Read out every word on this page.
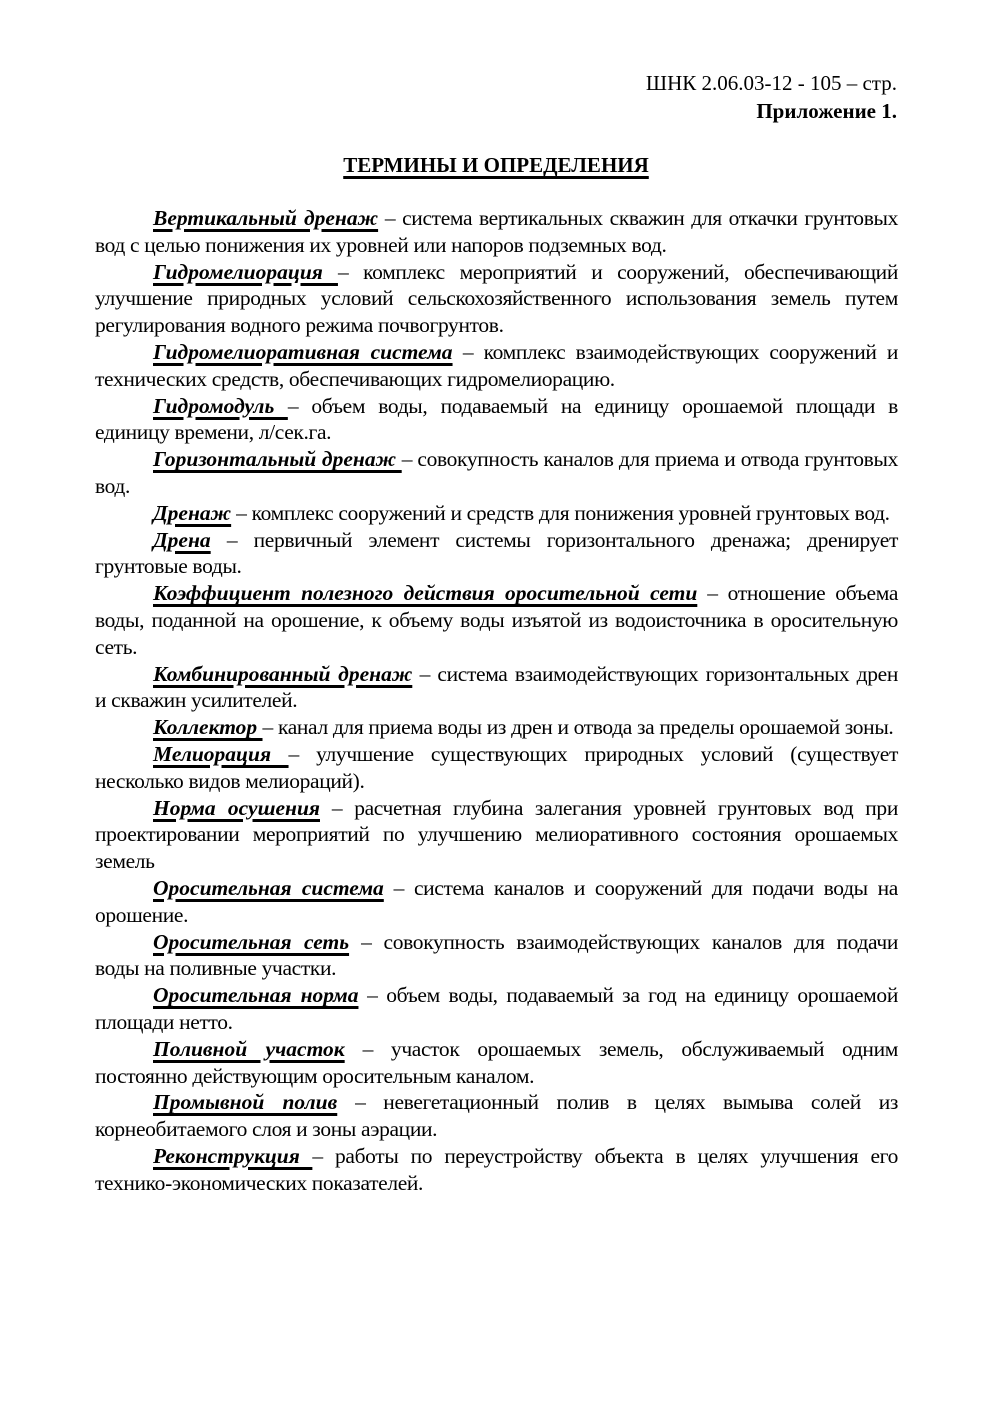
ШНК 2.06.03-12 - 105 – стр.
Приложение 1.
ТЕРМИНЫ И ОПРЕДЕЛЕНИЯ

Вертикальный дренаж – система вертикальных скважин для откачки грунтовых вод с целью понижения их уровней или напоров подземных вод.

Гидромелиорация – комплекс мероприятий и сооружений, обеспечивающий улучшение природных условий сельскохозяйственного использования земель путем регулирования водного режима почвогрунтов.

Гидромелиоративная система – комплекс взаимодействующих сооружений и технических средств, обеспечивающих гидромелиорацию.

Гидромодуль – объем воды, подаваемый на единицу орошаемой площади в единицу времени, л/сек.га.

Горизонтальный дренаж – совокупность каналов для приема и отвода грунтовых вод.

Дренаж – комплекс сооружений и средств для понижения уровней грунтовых вод.

Дрена – первичный элемент системы горизонтального дренажа; дренирует грунтовые воды.

Коэффициент полезного действия оросительной сети – отношение объема воды, поданной на орошение, к объему воды изъятой из водоисточника в оросительную сеть.

Комбинированный дренаж – система взаимодействующих горизонтальных дрен и скважин усилителей.

Коллектор – канал для приема воды из дрен и отвода за пределы орошаемой зоны.

Мелиорация – улучшение существующих природных условий (существует несколько видов мелиораций).

Норма осушения – расчетная глубина залегания уровней грунтовых вод при проектировании мероприятий по улучшению мелиоративного состояния орошаемых земель

Оросительная система – система каналов и сооружений для подачи воды на орошение.

Оросительная сеть – совокупность взаимодействующих каналов для подачи воды на поливные участки.

Оросительная норма – объем воды, подаваемый за год на единицу орошаемой площади нетто.

Поливной участок – участок орошаемых земель, обслуживаемый одним постоянно действующим оросительным каналом.

Промывной полив – невегетационный полив в целях вымыва солей из корнеобитаемого слоя и зоны аэрации.

Реконструкция – работы по переустройству объекта в целях улучшения его технико-экономических показателей.
